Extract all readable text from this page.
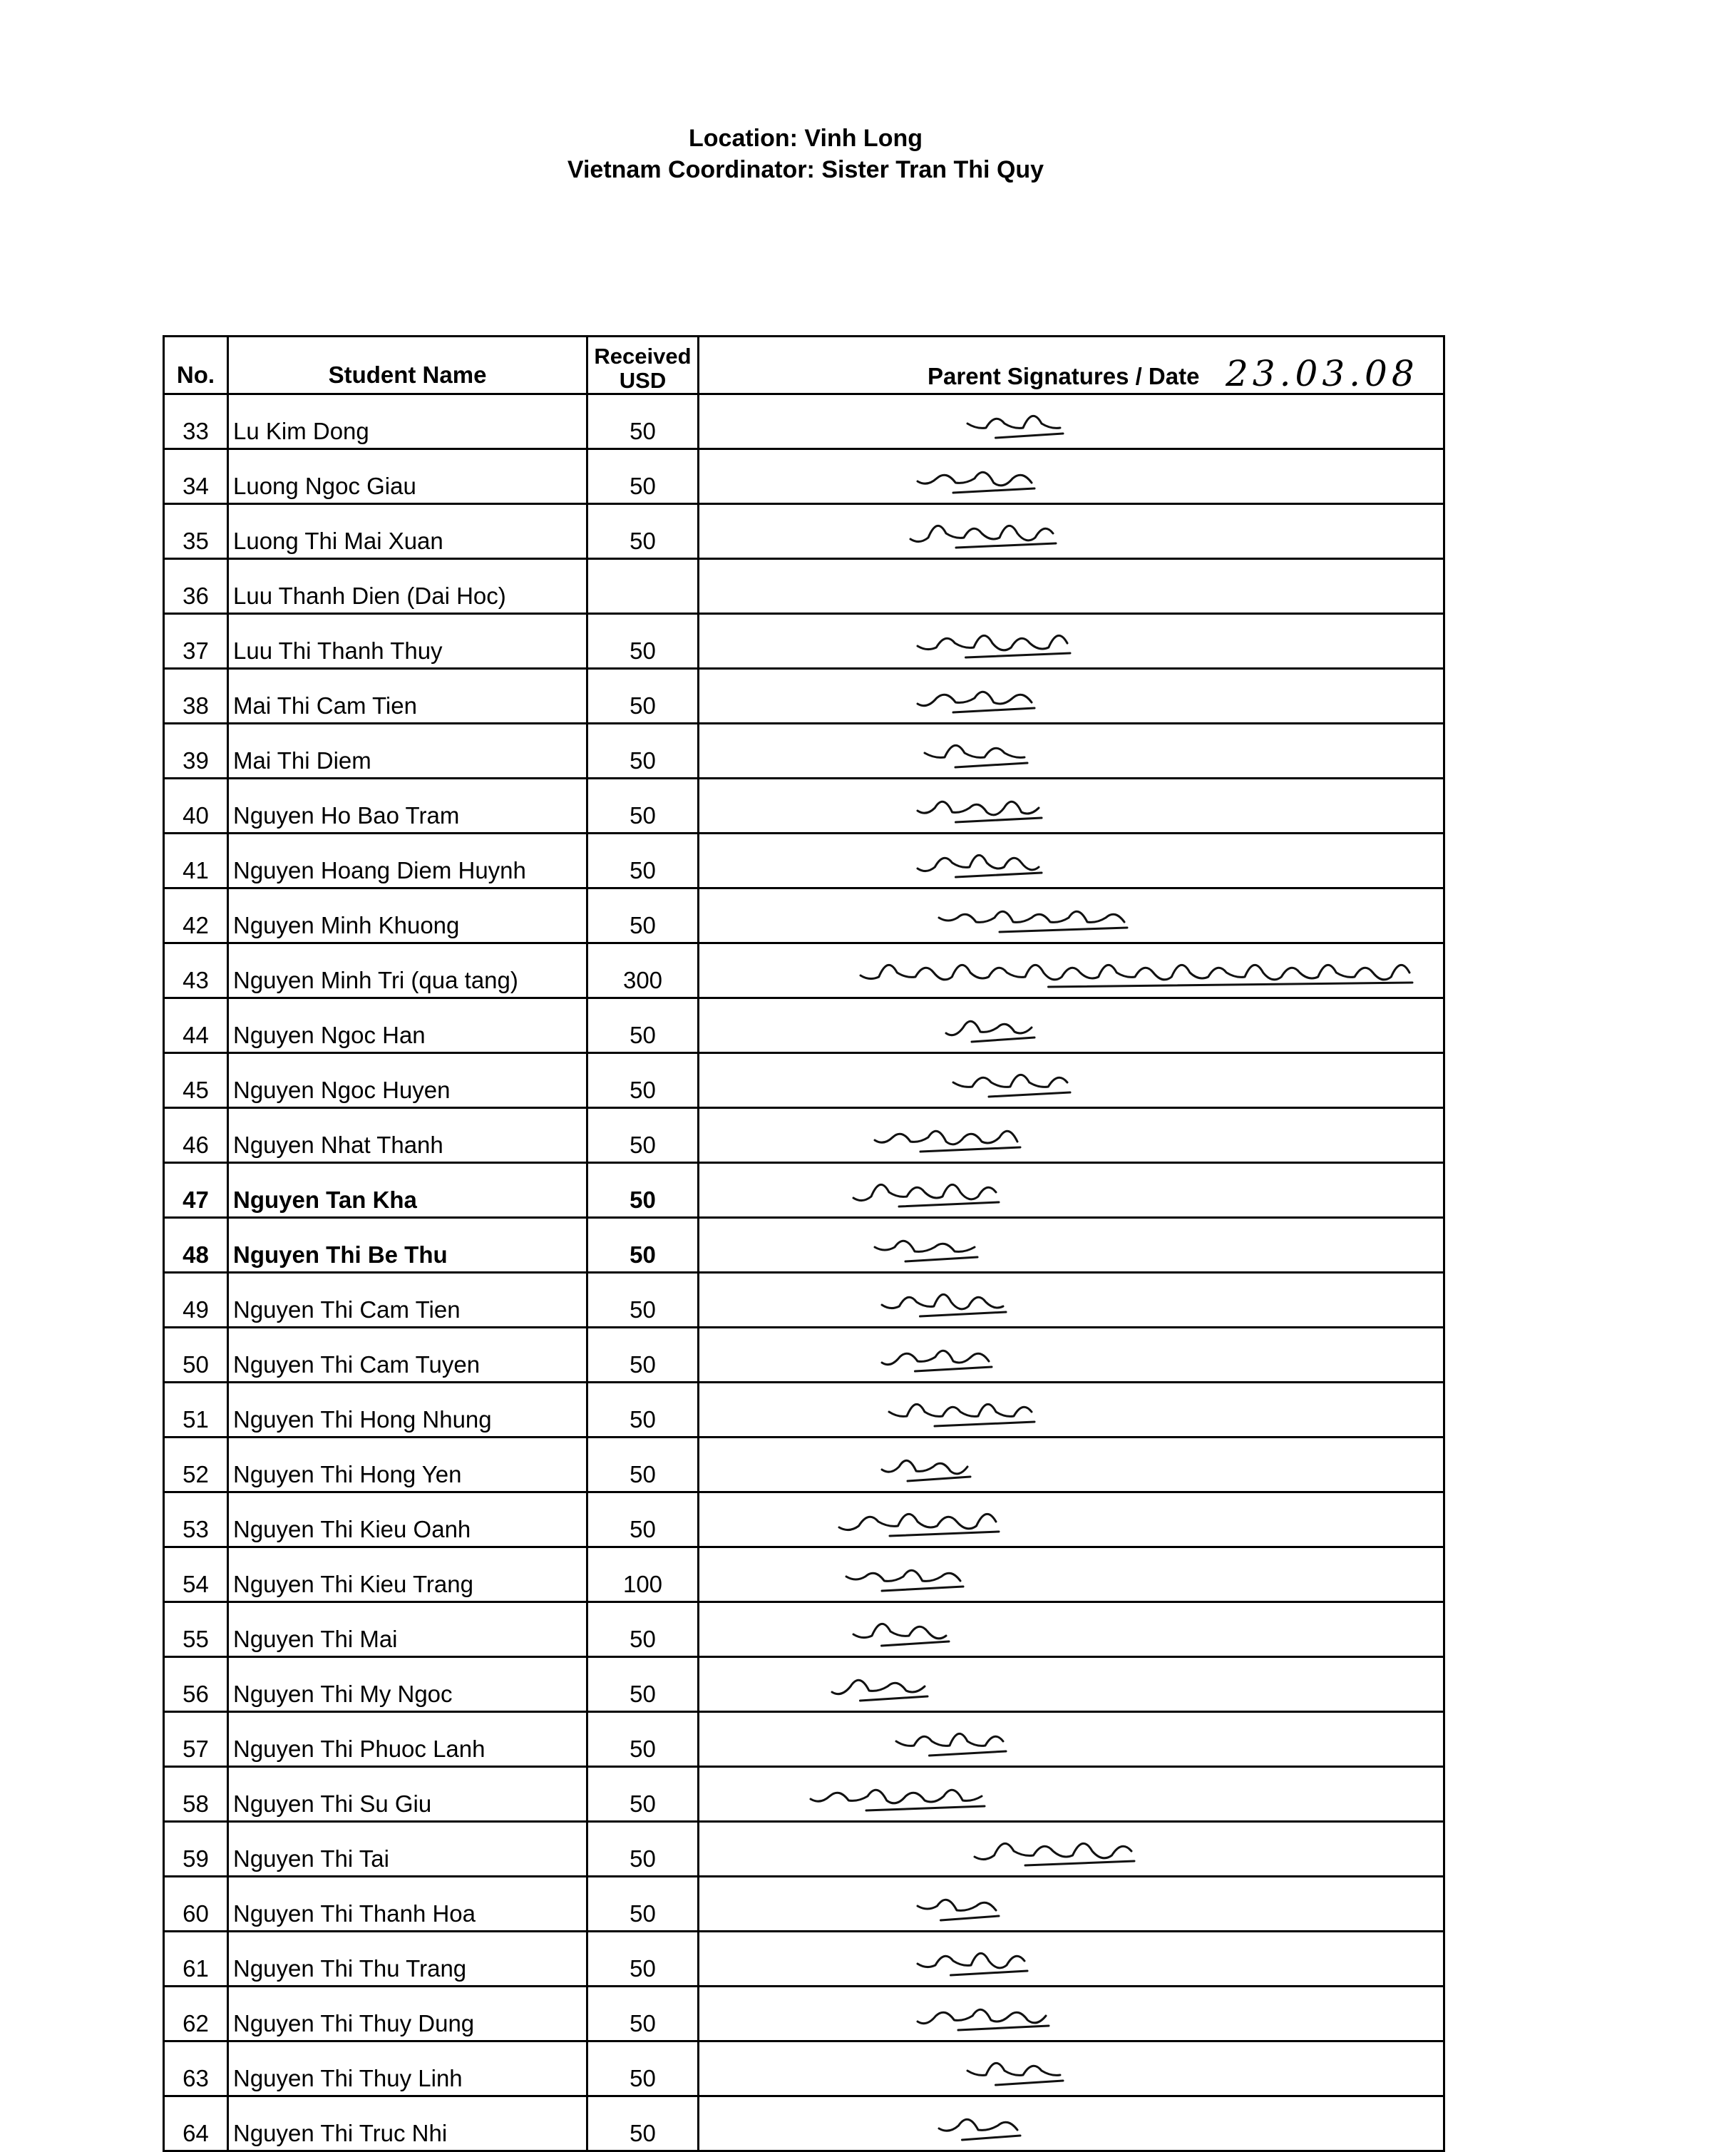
Location: Vinh Long
Vietnam Coordinator: Sister Tran Thi Quy
No.	Student Name	Received USD	Parent Signatures / Date 23.03.08

33	Lu Kim Dong	50	

34	Luong Ngoc Giau	50	

35	Luong Thi Mai Xuan	50	

36	Luu Thanh Dien (Dai Hoc)		
37	Luu Thi Thanh Thuy	50	

38	Mai Thi Cam Tien	50	

39	Mai Thi Diem	50	

40	Nguyen Ho Bao Tram	50	

41	Nguyen Hoang Diem Huynh	50	

42	Nguyen Minh Khuong	50	

43	Nguyen Minh Tri (qua tang)	300	

44	Nguyen Ngoc Han	50	

45	Nguyen Ngoc Huyen	50	

46	Nguyen Nhat Thanh	50	

47	Nguyen Tan Kha	50	

48	Nguyen Thi Be Thu	50	

49	Nguyen Thi Cam Tien	50	

50	Nguyen Thi Cam Tuyen	50	

51	Nguyen Thi Hong Nhung	50	

52	Nguyen Thi Hong Yen	50	

53	Nguyen Thi Kieu Oanh	50	

54	Nguyen Thi Kieu Trang	100	

55	Nguyen Thi Mai	50	

56	Nguyen Thi My Ngoc	50	

57	Nguyen Thi Phuoc Lanh	50	

58	Nguyen Thi Su Giu	50	

59	Nguyen Thi Tai	50	

60	Nguyen Thi Thanh Hoa	50	

61	Nguyen Thi Thu Trang	50	

62	Nguyen Thi Thuy Dung	50	

63	Nguyen Thi Thuy Linh	50	

64	Nguyen Thi Truc Nhi	50	
